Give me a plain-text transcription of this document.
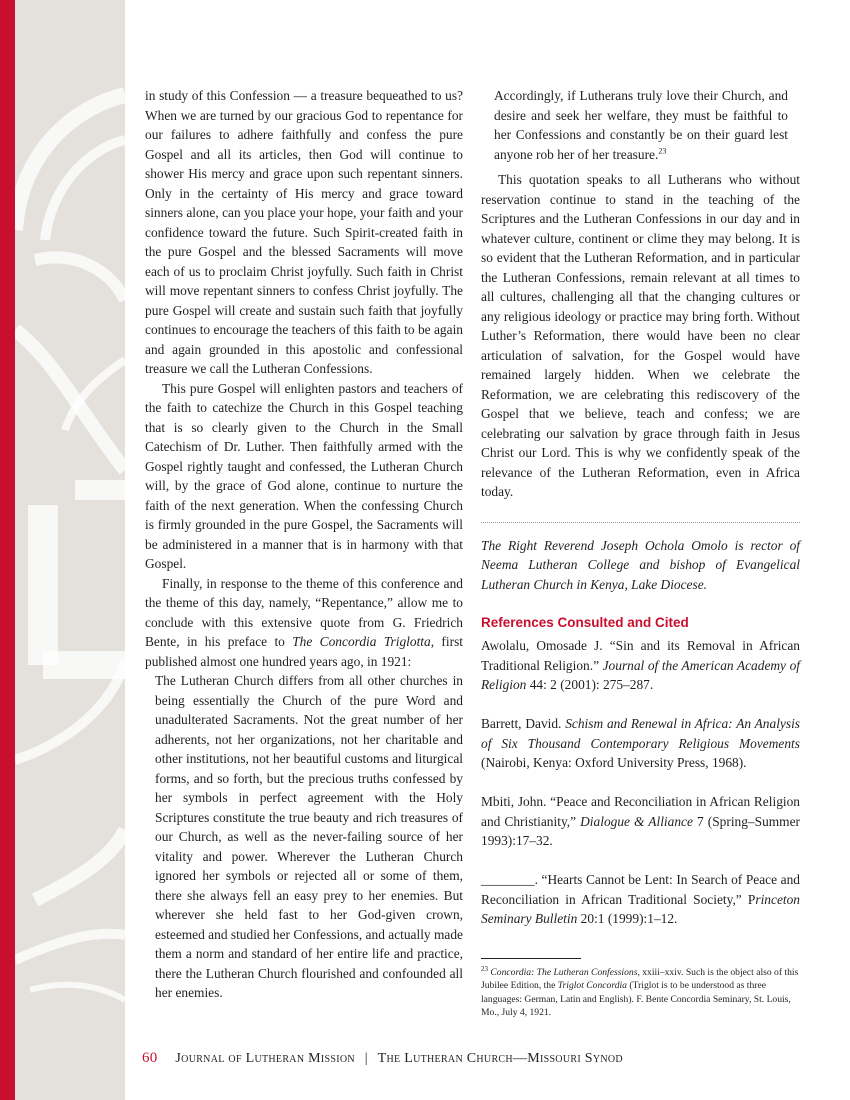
in study of this Confession — a treasure bequeathed to us? When we are turned by our gracious God to repentance for our failures to adhere faithfully and confess the pure Gospel and all its articles, then God will continue to shower His mercy and grace upon such repentant sinners. Only in the certainty of His mercy and grace toward sinners alone, can you place your hope, your faith and your confidence toward the future. Such Spirit-created faith in the pure Gospel and the blessed Sacraments will move each of us to proclaim Christ joyfully. Such faith in Christ will move repentant sinners to confess Christ joyfully. The pure Gospel will create and sustain such faith that joyfully continues to encourage the teachers of this faith to be again and again grounded in this apostolic and confessional treasure we call the Lutheran Confessions.

This pure Gospel will enlighten pastors and teachers of the faith to catechize the Church in this Gospel teaching that is so clearly given to the Church in the Small Catechism of Dr. Luther. Then faithfully armed with the Gospel rightly taught and confessed, the Lutheran Church will, by the grace of God alone, continue to nurture the faith of the next generation. When the confessing Church is firmly grounded in the pure Gospel, the Sacraments will be administered in a manner that is in harmony with that Gospel.

Finally, in response to the theme of this conference and the theme of this day, namely, “Repentance,” allow me to conclude with this extensive quote from G. Friedrich Bente, in his preface to The Concordia Triglotta, first published almost one hundred years ago, in 1921:

The Lutheran Church differs from all other churches in being essentially the Church of the pure Word and unadulterated Sacraments. Not the great number of her adherents, not her organizations, not her charitable and other institutions, not her beautiful customs and liturgical forms, and so forth, but the precious truths confessed by her symbols in perfect agreement with the Holy Scriptures constitute the true beauty and rich treasures of our Church, as well as the never-failing source of her vitality and power. Wherever the Lutheran Church ignored her symbols or rejected all or some of them, there she always fell an easy prey to her enemies. But wherever she held fast to her God-given crown, esteemed and studied her Confessions, and actually made them a norm and standard of her entire life and practice, there the Lutheran Church flourished and confounded all her enemies.

Accordingly, if Lutherans truly love their Church, and desire and seek her welfare, they must be faithful to her Confessions and constantly be on their guard lest anyone rob her of her treasure.$^{23}$

This quotation speaks to all Lutherans who without reservation continue to stand in the teaching of the Scriptures and the Lutheran Confessions in our day and in whatever culture, continent or clime they may belong. It is so evident that the Lutheran Reformation, and in particular the Lutheran Confessions, remain relevant at all times to all cultures, challenging all that the changing cultures or any religious ideology or practice may bring forth. Without Luther’s Reformation, there would have been no clear articulation of salvation, for the Gospel would have remained largely hidden. When we celebrate the Reformation, we are celebrating this rediscovery of the Gospel that we believe, teach and confess; we are celebrating our salvation by grace through faith in Jesus Christ our Lord. This is why we confidently speak of the relevance of the Lutheran Reformation, even in Africa today.

The Right Reverend Joseph Ochola Omolo is rector of Neema Lutheran College and bishop of Evangelical Lutheran Church in Kenya, Lake Diocese.

References Consulted and Cited

Awolalu, Omosade J. “Sin and its Removal in African Traditional Religion.” Journal of the American Academy of Religion 44: 2 (2001): 275–287.

Barrett, David. Schism and Renewal in Africa: An Analysis of Six Thousand Contemporary Religious Movements (Nairobi, Kenya: Oxford University Press, 1968).

Mbiti, John. “Peace and Reconciliation in African Religion and Christianity,” Dialogue & Alliance 7 (Spring–Summer 1993):17–32.

________. “Hearts Cannot be Lent: In Search of Peace and Reconciliation in African Traditional Society,” Princeton Seminary Bulletin 20:1 (1999):1–12.

$^{23}$ Concordia: The Lutheran Confessions, xxiii–xxiv. Such is the object also of this Jubilee Edition, the Triglot Concordia (Triglot is to be understood as three languages: German, Latin and English). F. Bente Concordia Seminary, St. Louis, Mo., July 4, 1921.

60 Journal of Lutheran Mission | The Lutheran Church—Missouri Synod
